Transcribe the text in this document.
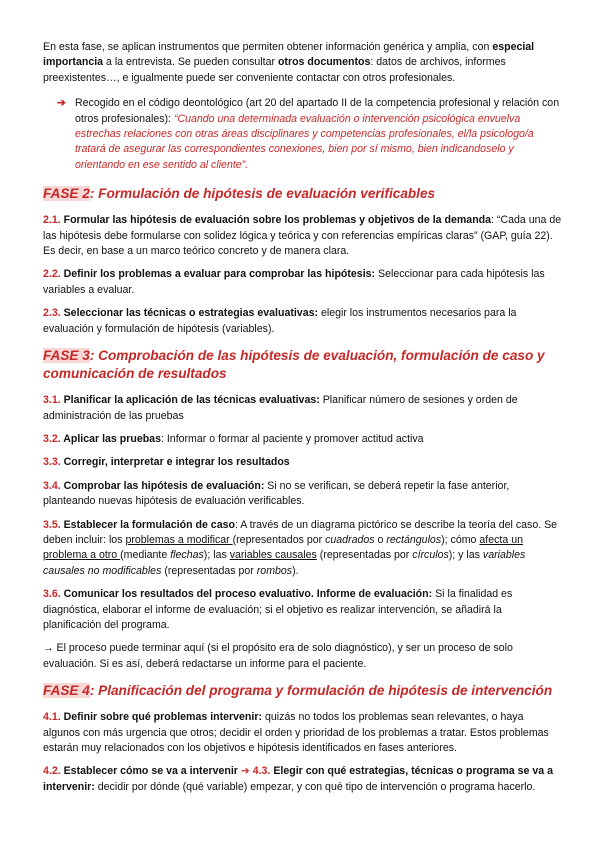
En esta fase, se aplican instrumentos que permiten obtener información genérica y amplia, con especial importancia a la entrevista. Se pueden consultar otros documentos: datos de archivos, informes preexistentes…, e igualmente puede ser conveniente contactar con otros profesionales.

➔ Recogido en el código deontológico (art 20 del apartado II de la competencia profesional y relación con otros profesionales): “Cuando una determinada evaluación o intervención psicológica envuelva estrechas relaciones con otras áreas disciplinares y competencias profesionales, el/la psicologo/a tratará de asegurar las correspondientes conexiones, bien por sí mismo, bien indicandoselo y orientando en ese sentido al cliente”.

FASE 2: Formulación de hipótesis de evaluación verificables

2.1. Formular las hipótesis de evaluación sobre los problemas y objetivos de la demanda: “Cada una de las hipótesis debe formularse con solidez lógica y teórica y con referencias empíricas claras” (GAP, guía 22). Es decir, en base a un marco teórico concreto y de manera clara.

2.2. Definir los problemas a evaluar para comprobar las hipótesis: Seleccionar para cada hipótesis las variables a evaluar.

2.3. Seleccionar las técnicas o estrategias evaluativas: elegir los instrumentos necesarios para la evaluación y formulación de hipótesis (variables).

FASE 3: Comprobación de las hipótesis de evaluación, formulación de caso y comunicación de resultados

3.1. Planificar la aplicación de las técnicas evaluativas: Planificar número de sesiones y orden de administración de las pruebas

3.2. Aplicar las pruebas: Informar o formar al paciente y promover actitud activa

3.3. Corregir, interpretar e integrar los resultados

3.4. Comprobar las hipótesis de evaluación: Si no se verifican, se deberá repetir la fase anterior, planteando nuevas hipótesis de evaluación verificables.

3.5. Establecer la formulación de caso: A través de un diagrama pictórico se describe la teoría del caso. Se deben incluir: los problemas a modificar (representados por cuadrados o rectángulos); cómo afecta un problema a otro (mediante flechas); las variables causales (representadas por círculos); y las variables causales no modificables (representadas por rombos).

3.6. Comunicar los resultados del proceso evaluativo. Informe de evaluación: Si la finalidad es diagnóstica, elaborar el informe de evaluación; si el objetivo es realizar intervención, se añadirá la planificación del programa.

→ El proceso puede terminar aquí (si el propósito era de solo diagnóstico), y ser un proceso de solo evaluación. Si es así, deberá redactarse un informe para el paciente.

FASE 4: Planificación del programa y formulación de hipótesis de intervención

4.1. Definir sobre qué problemas intervenir: quizás no todos los problemas sean relevantes, o haya algunos con más urgencia que otros; decidir el orden y prioridad de los problemas a tratar. Estos problemas estarán muy relacionados con los objetivos e hipótesis identificados en fases anteriores.

4.2. Establecer cómo se va a intervenir ➔ 4.3. Elegir con qué estrategias, técnicas o programa se va a intervenir: decidir por dónde (qué variable) empezar, y con qué tipo de intervención o programa hacerlo.
